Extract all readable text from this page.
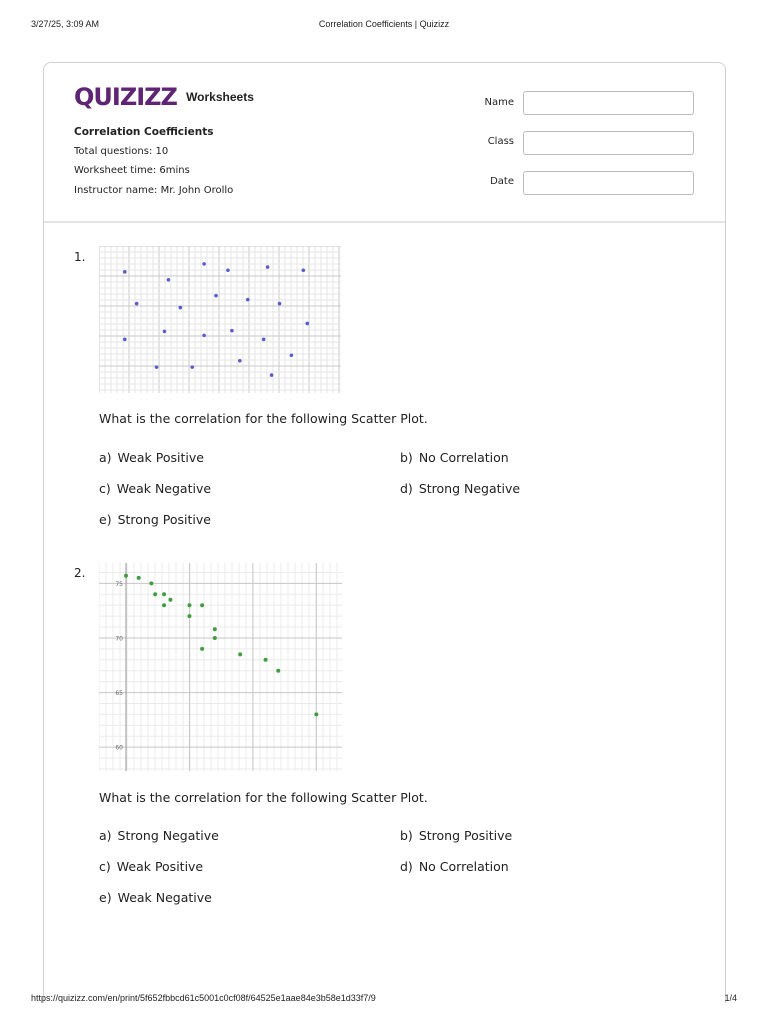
3/27/25, 3:09 AM	Correlation Coefficients | Quizizz
QUIZIZZ Worksheets
Correlation Coefficients
Total questions: 10
Worksheet time: 6mins
Instructor name: Mr. John Orollo
Name
Class
Date
1.
What is the correlation for the following Scatter Plot.
a) Weak Positive	b) No Correlation
c) Weak Negative	d) Strong Negative
e) Strong Positive
2.
75
70
65
60
What is the correlation for the following Scatter Plot.
a) Strong Negative	b) Strong Positive
c) Weak Positive	d) No Correlation
e) Weak Negative
https://quizizz.com/en/print/5f652fbbcd61c5001c0cf08f/64525e1aae84e3b58e1d33f7/9	1/4
